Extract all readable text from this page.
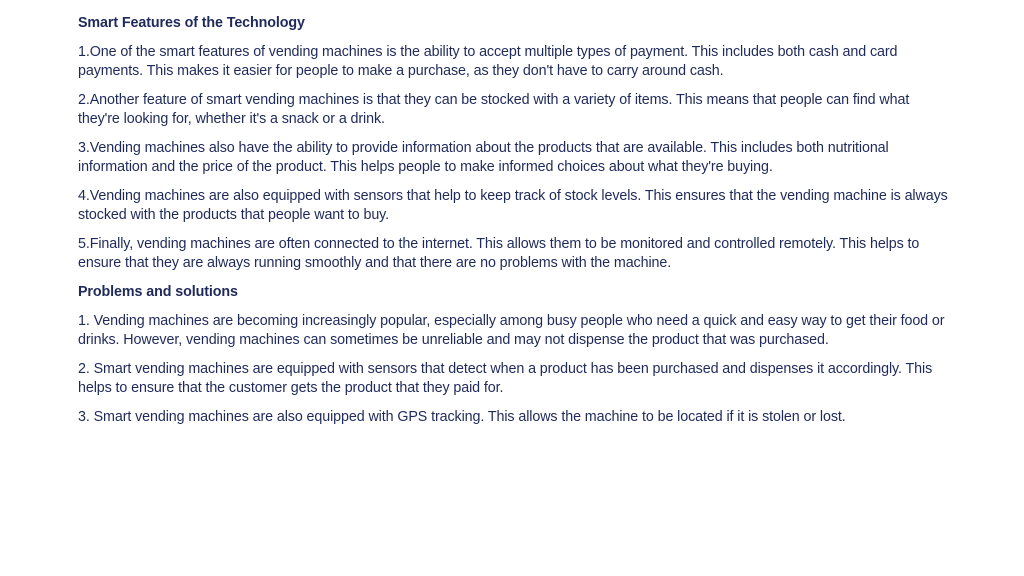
Smart Features of the Technology
1.One of the smart features of vending machines is the ability to accept multiple types of payment. This includes both cash and card payments. This makes it easier for people to make a purchase, as they don't have to carry around cash.
2.Another feature of smart vending machines is that they can be stocked with a variety of items. This means that people can find what they're looking for, whether it's a snack or a drink.
3.Vending machines also have the ability to provide information about the products that are available. This includes both nutritional information and the price of the product. This helps people to make informed choices about what they're buying.
4.Vending machines are also equipped with sensors that help to keep track of stock levels. This ensures that the vending machine is always stocked with the products that people want to buy.
5.Finally, vending machines are often connected to the internet. This allows them to be monitored and controlled remotely. This helps to ensure that they are always running smoothly and that there are no problems with the machine.
Problems and solutions
1. Vending machines are becoming increasingly popular, especially among busy people who need a quick and easy way to get their food or drinks. However, vending machines can sometimes be unreliable and may not dispense the product that was purchased.
2. Smart vending machines are equipped with sensors that detect when a product has been purchased and dispenses it accordingly. This helps to ensure that the customer gets the product that they paid for.
3. Smart vending machines are also equipped with GPS tracking. This allows the machine to be located if it is stolen or lost.
